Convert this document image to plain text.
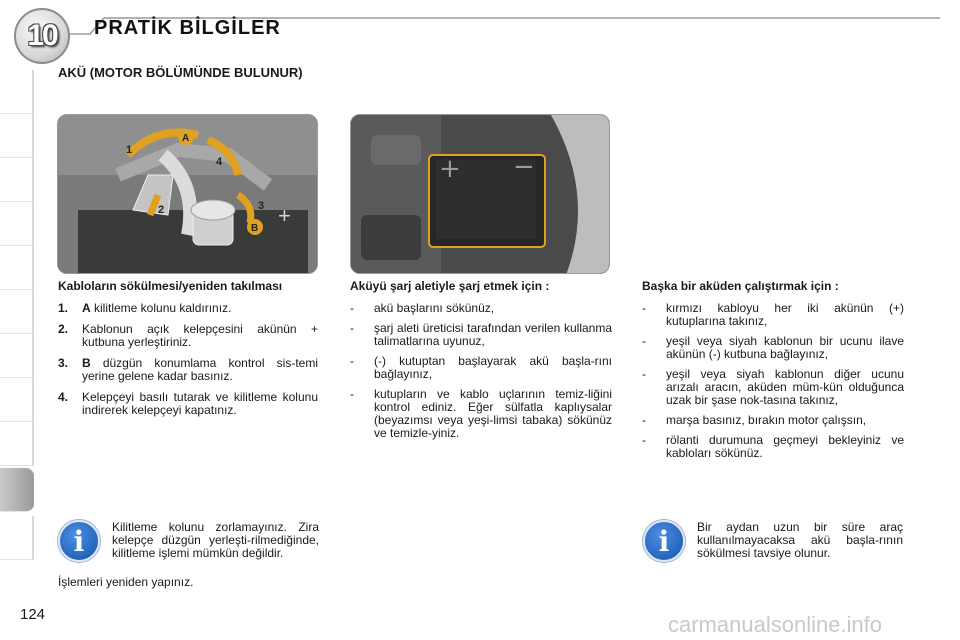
10	PRATİK BİLGİLER
AKÜ (MOTOR BÖLÜMÜNDE BULUNUR)
1
A
4
2	3
B
+
+ −
Kabloların sökülmesi/yeniden takılması
1. A kilitleme kolunu kaldırınız.
2. Kablonun açık kelepçesini akünün + kutbuna yerleştiriniz.
3. B düzgün konumlama kontrol sis-temi yerine gelene kadar basınız.
4. Kelepçeyi basılı tutarak ve kilitleme kolunu indirerek kelepçeyi kapatınız.
Aküyü şarj aletiyle şarj etmek için :
- akü başlarını sökünüz,
- şarj aleti üreticisi tarafından verilen kullanma talimatlarına uyunuz,
- (-) kutuptan başlayarak akü başla-rını bağlayınız,
- kutupların ve kablo uçlarının temiz-liğini kontrol ediniz. Eğer sülfatla kaplıysalar (beyazımsı veya yeşi-limsi tabaka) sökünüz ve temizle-yiniz.
Başka bir aküden çalıştırmak için :
- kırmızı kabloyu her iki akünün (+) kutuplarına takınız,
- yeşil veya siyah kablonun bir ucunu ilave akünün (-) kutbuna bağlayınız,
- yeşil veya siyah kablonun diğer ucunu arızalı aracın, aküden müm-kün olduğunca uzak bir şase nok-tasına takınız,
- marşa basınız, bırakın motor çalışsın,
- rölanti durumuna geçmeyi bekleyiniz ve kabloları sökünüz.
i	Kilitleme kolunu zorlamayınız. Zira kelepçe düzgün yerleşti-rilmediğinde, kilitleme işlemi mümkün değildir.
İşlemleri yeniden yapınız.
i	Bir aydan uzun bir süre araç kullanılmayacaksa akü başla-rının sökülmesi tavsiye olunur.
124	carmanualsonline.info
